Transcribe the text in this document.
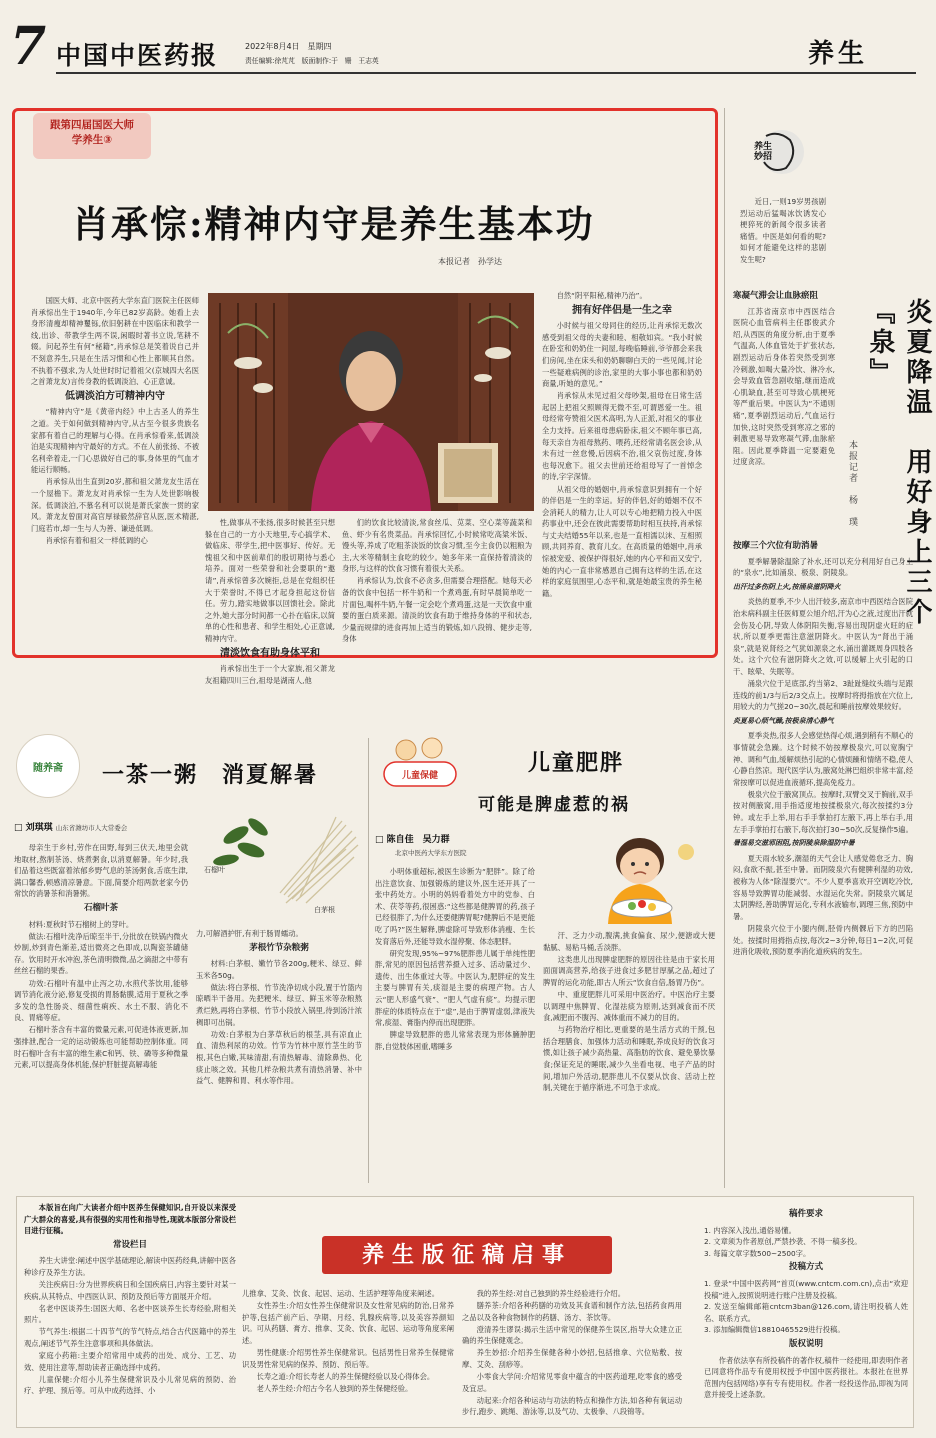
7 中国中医药报	2022年8月4日　星期四
责任编辑:徐芃芃　版面制作:于　姗　王志英	养生
跟第四届国医大师
学养生③
肖承悰:精神内守是养生基本功
本报记者　孙学达

国医大师、北京中医药大学东直门医院主任医师肖承悰出生于1940年,今年已82岁高龄。她看上去身形清瘦却精神矍铄,依旧躬耕在中医临床和教学一线,出诊、带教学生两不误,闲暇时著书立说,笔耕不辍。问起养生有何“秘籍”,肖承悰总是笑着说自己并不刻意养生,只是在生活习惯和心性上都顺其自然。不执着不强求,为人处世时时记着祖父(京城四大名医之首萧龙友)言传身教的低调淡泊、心正意诚。

低调淡泊方可精神内守

“精神内守”是《黄帝内经》中上古圣人的养生之道。关于如何做到精神内守,从古至今很多贵族名家都有着自己的理解与心得。在肖承悰看来,低调淡泊是实现精神内守最好的方式。不在人前张扬、不被名利牵着走,一门心思做好自己的事,身体里的气血才能运行顺畅。

肖承悰从出生直到20岁,都和祖父萧龙友生活在一个屋檐下。萧龙友对肖承悰一生为人处世影响极深。低调淡泊,不慕名利可以说是萧氏家族一贯的家风。萧龙友曾面对高官厚禄毅然辞官从医,医术精湛,门庭若市,却一生与人为善、谦逊低调。

肖承悰有着和祖父一样低调的心

性,做事从不张扬,很多时候甚至只想躲在自己的一方小天地里,专心搞学术、做临床、带学生,把中医事好、传好。无愧祖父和中医前辈们的殷切期待与悉心培养。面对一些荣誉和社会要职的“邀请”,肖承悰曾多次婉拒,总是在党组织任大于荣誉时,不得已才起身担起这份信任。劳力,踏实地做事以回馈社会。除此之外,她大部分时间都一心扑在临床,以简单的心性和患者、和学生相处,心正意诚,精神内守。

清淡饮食有助身体平和

肖承悰出生于一个大家族,祖父萧龙友祖籍四川三台,祖母是湖南人,他

们的饮食比较清淡,常食丝瓜、苋菜、空心菜等蔬菜和鱼、虾少有名贵菜品。肖承悰回忆,小时候常吃高粱米饭、馒头等,养成了吃粗茶淡饭的饮食习惯,至今主食仍以粗粮为主,大米等精制主食吃的较少。她多年来一直保持着清淡的身形,与这样的饮食习惯有着很大关系。

肖承悰认为,饮食不必贪多,但需要合理搭配。她每天必备的饮食中包括一杯牛奶和一个煮鸡蛋,有时早晨简单吃一片面包,喝杯牛奶,午餐一定会吃个煮鸡蛋,这是一天饮食中重要的蛋白质来源。清淡的饮食有助于维持身体的平和状态,少量而规律的进食再加上适当的锻炼,如八段锦、健步走等,身体

自然“阴平阳秘,精神乃治”。

拥有好伴侣是一生之幸

小时候与祖父母同住的经历,让肖承悰无数次感受到祖父母的夫妻和睦、相敬如宾。“我小时候在卧室和奶奶住一间屋,每晚临睡前,爷爷都会来我们房间,坐在床头和奶奶聊聊白天的一些见闻,讨论一些疑难病例的诊治,家里的大事小事也都和奶奶商量,听她的意见。”

肖承悰从未见过祖父母吵架,祖母在日常生活起居上把祖父照顾得无微不至,可谓恩爱一生。祖母经常夸赞祖父医术高明,为人正派,对祖父的事业全力支持。后来祖母患病卧床,祖父不顾年事已高,每天亲自为祖母熬药、喂药,还经常请名医会诊,从未有过一丝怠慢,后因病不治,祖父哀伤过度,身体也每况愈下。祖父去世前还给祖母写了一首悼念的诗,字字深情。

从祖父母的婚姻中,肖承悰意识到拥有一个好的伴侣是一生的幸运。好的伴侣,好的婚姻不仅不会消耗人的精力,让人可以专心地把精力投入中医药事业中,还会在彼此需要帮助时相互扶持,肖承悰与丈夫结婚55年以来,也是一直相濡以沫、互相照顾,共同养育、教育儿女。在高质量的婚姻中,肖承悰被宠爱、被保护得很好,她的内心平和而又安宁,她的内心一直非常感恩自己拥有这样的生活,在这样的家庭氛围里,心态平和,就是她最宝贵的养生秘籍。

养生妙招

近日,一则19岁男孩剧烈运动后猛喝冰饮诱发心梗猝死的新闻令很多读者痛惜。中医是如何看的呢?如何才能避免这样的悲剧发生呢?

炎夏降温　用好身上三个『泉』
本报记者　杨　璞
寒凝气滞会让血脉瘀阻

江苏省南京市中西医结合医院心血管病科主任郡俊武介绍,从西医的角度分析,由于夏季气温高,人体血管处于扩张状态,剧烈运动后身体若突然受到寒冷刺激,如喝大量冷饮、淋冷水,会导致血管急剧收缩,继而造成心肌缺血,甚至可导致心肌梗死等严重后果。中医认为“不通则痛”,夏季剧烈运动后,气血运行加快,这时突然受到寒凉之邪的刺激更易导致寒凝气滞,血脉瘀阻。因此夏季降温一定要避免过度贪凉。

按摩三个穴位有助消暑

夏季解暑除温除了补水,还可以充分利用好自己身上的“泉水”,比如涌泉、极泉、阴陵泉。

出汗过多伤阴上火,按涌泉滋阴降火

炎热的夏季,不少人出汗较多,南京市中西医结合医院治未病科副主任医师夏公旭介绍,汗为心之液,过度出汗就会伤及心阴,导致人体阴阳失衡,容易出现阴虚火旺的症状,所以夏季更需注意滋阴降火。中医认为“肾出于涌泉”,就是说肾经之气犹如源泉之水,涌出灌溉周身四肢各处。这个穴位有滋阴降火之效,可以缓解上火引起的口干、眩晕、失眠等。

涌泉穴位于足底部,约当第2、3趾趾缝纹头端与足跟连线的前1/3与后2/3交点上。按摩时将拇指放在穴位上,用较大的力气搓20~30次,晨起和睡前按摩效果较好。

炎夏易心烦气躁,按极泉清心静气

夏季炎热,很多人会感觉热得心烦,遇到稍有不顺心的事情就会急躁。这个时候不妨按摩极泉穴,可以宽胸宁神、调和气血,缓解烦热引起的心情烦躁和情绪不稳,使人心静自然凉。现代医学认为,腋窝处淋巴组织非常丰富,经常按摩可以促进血液循环,提高免疫力。

极泉穴位于腋窝顶点。按摩时,双臂交叉于胸前,双手按对侧腋窝,用手指适度地按揉极泉穴,每次按揉约3分钟。或左手上举,用右手手掌拍打左腋下,再上举右手,用左手手掌拍打右腋下,每次拍打30~50次,反复操作5遍。

暑湿易交滋邪困阻,按阴陵泉除湿防中暑

夏天雨水较多,潮湿的天气会让人感觉倦怠乏力、胸闷,食欲不振,甚至中暑。而阴陵泉穴有健脾利湿的功效,被称为人体“除湿要穴”。不少人夏季喜欢开空调吃冷饮,容易导致脾胃功能减弱、水湿运化失常。阴陵泉穴属足太阴脾经,善助脾胃运化,专利水液输布,调理三焦,预防中暑。

阴陵泉穴位于小腿内侧,胫骨内侧髁后下方的凹陷处。按揉时用拇指点按,每次2~3分钟,每日1~2次,可促进消化吸收,预防夏季消化道疾病的发生。

随养斋	一茶一粥　消夏解暑
□ 刘琪琪 山东省潍坊市人大常委会

母亲生于乡村,劳作在田野,每到三伏天,地里会就地取材,熬制茶汤、烧煮粥食,以消夏解暑。年少时,我们品着这些既富着浓郁乡野气息的茶汤粥食,舌底生津,满口馨香,顿感清凉暑意。下面,简要介绍两款老家今仍常饮的消暑茶和消暑粥。

石榴叶茶

材料:夏秋时节石榴树上的芽叶。

做法:石榴叶洗净后晾至半干,分批放在铁锅内微火炒制,炒到青色渐差,适出微亮之色即成,以陶瓷茶罐储存。饮用时开水冲泡,茶色清明微微,品之滴甜之中带有丝丝石榴的果香。

功效:石榴叶有温中止泻之功,水煎代茶饮用,能够调节消化液分泌,修复受损的胃肠黏膜,适用于夏秋之季多发的急性肠炎、细菌性痢疾、水土不服、消化不良、胃痛等症。

石榴叶茶含有丰富的微量元素,可促进体液更新,加强排泄,配合一定的运动锻炼也可能帮助控制体重。同时石榴叶含有丰富的维生素C和钙、铁、磷等多种微量元素,可以提高身体机能,保护肝脏提高解毒能

石榴叶
白茅根

力,可解酒护肝,有利于肠胃蠕动。

茅根竹节杂粮粥

材料:白茅根、嫩竹节各200g,粳米、绿豆、鲜玉米各50g。

做法:将白茅根、竹节洗净切成小段,置于竹篮内晾晒半干备用。先把粳米、绿豆、鲜玉米等杂粮熬煮烂熟,再将白茅根、竹节小段放入锅里,待到汤汁浓稠即可出锅。

功效:白茅根为白茅草秋后的根茎,具有凉血止血、清热利尿的功效。竹节为竹林中原竹茎生的节根,其色白嫩,其味清甜,有清热解毒、清除鼻热、化痰止咳之效。其他几样杂粮共煮有清热消暑、补中益气、健脾和胃、利水等作用。

儿童保健	儿童肥胖
可能是脾虚惹的祸
□ 陈自佳　吴力群
北京中医药大学东方医院

小明体重超标,被医生诊断为“肥胖”。除了给出注意饮食、加强锻炼的建议外,医生还开具了一张中药处方。小明的妈妈看着处方中的党参、白术、茯苓等药,很困惑:“这些都是健脾胃的药,孩子已经很胖了,为什么还要健脾胃呢?健脾后不是更能吃了吗?”医生解释,脾虚除可导致形体消瘦、生长发育落后外,还能导致水湿停聚、体态肥胖。

研究发现,95%~97%肥胖患儿属于单纯性肥胖,常见的原因包括营养摄入过多、活动量过少、遗传、出生体重过大等。中医认为,肥胖症的发生主要与脾胃有关,痰湿是主要的病理产物。古人云“肥人形盛气衰”、“肥人气虚有痰”。均提示肥胖症的体质特点在于“虚”,是由于脾胃虚弱,津液失常,痰湿、膏脂内停而出现肥胖。

脾虚导致肥胖的患儿常常表现为形体臃肿肥胖,自觉肢体困重,嗜睡多

汗、乏力少动,腹满,挑食偏食、尿少,便溏或大便黏腻、易粘马桶,舌淡胖。

这类患儿出现脾虚肥胖的原因往往是由于家长用面面调高营养,给孩子进食过多肥甘厚腻之品,超过了脾胃的运化功能,即古人所云“饮食自倍,肠胃乃伤”。

中、重度肥胖儿可采用中医治疗。中医治疗主要以调理中焦脾胃、化湿祛痰为原则,达到减食而不厌食,减肥而不腹泻、减体重而不减力的目的。

与药物治疗相比,更重要的是生活方式的干预,包括合理膳食、加强体力活动和睡眠,养成良好的饮食习惯,如让孩子减少高热量、高脂肪的饮食、避免暴饮暴食;保证充足的睡眠,减少久坐看电视、电子产品的时间,增加户外活动,肥胖患儿不仅要从饮食、活动上控制,关键在于循序渐进,不可急于求成。

本版旨在向广大读者介绍中医养生保健知识,自开设以来深受广大群众的喜爱,具有很强的实用性和指导性,现就本版部分常设栏目进行征稿。

常设栏目

养生大讲堂:阐述中医学基础理论,解读中医药经典,讲解中医各种诊疗及养生方法。

关注疾病日:分为世界疾病日和全国疾病日,内容主要针对某一疾病,从其特点、中西医认识、预防及预后等方面展开介绍。

名老中医谈养生:国医大师、名老中医谈养生长寿经验,附相关照片。

节气养生:根据二十四节气的节气特点,结合古代医籍中的养生观点,阐述节气养生注意事项和具体做法。

家庭小药箱:主要介绍常用中成药的出处、成分、工艺、功效、使用注意等,帮助读者正确选择中成药。

儿童保健:介绍小儿养生保健常识及小儿常见病的预防、治疗、护理、预后等。可从中成药选择、小

养生版征稿启事

儿推拿、艾灸、饮食、起居、运动、生活护理等角度来阐述。

女性养生:介绍女性养生保健常识及女性常见病的防治,日常养护等,包括产前产后、孕期、月经、乳腺疾病等,以及美容养颜知识。可从药膳、膏方、推拿、艾灸、饮食、起居、运动等角度来阐述。

男性健康:介绍男性养生保健常识。包括男性日常养生保健常识及男性常见病的保养、预防、预后等。

长寿之道:介绍长寿老人的养生保健经验以及心得体会。

老人养生经:介绍古今名人独到的养生保健经验。

我的养生经:对自己独到的养生经验进行介绍。

膳养茶:介绍各种药膳的功效及其食谱和制作方法,包括药食两用之品以及各种食物制作的药膳、汤方、茶饮等。

澄清养生谬误:揭示生活中常见的保健养生误区,指导大众建立正确的养生保健观念。

养生妙招:介绍养生保健各种小妙招,包括推拿、穴位贴敷、按摩、艾灸、刮痧等。

小零食大学问:介绍常见零食中蕴含的中医药道理,吃零食的感受及宜忌。

动起来:介绍各种运动与功法的特点和操作方法,如各种有氧运动步行,跑步、跳绳、游泳等,以及气功、太极拳、八段锦等。

稿件要求
1. 内容深入浅出,通俗易懂。
2. 文章须为作者原创,严禁抄袭、不得一稿多投。
3. 每篇文章字数500~2500字。
投稿方式
1. 登录“中国中医药网”首页(www.cntcm.com.cn),点击“欢迎投稿”进入,按照说明进行账户注册及投稿。
2. 发送至编辑邮箱cntcm3ban@126.com,请注明投稿人姓名、联系方式。
3. 添加编辑微信18810465529进行投稿。
版权说明

作者依法享有所投稿件的著作权,稿件一经使用,即表明作者已同意将作品专有使用权授予中国中医药报社。本报社在世界范围内包括网络)享有专有使用权。作者一经投送作品,即视为同意并接受上述条款。
